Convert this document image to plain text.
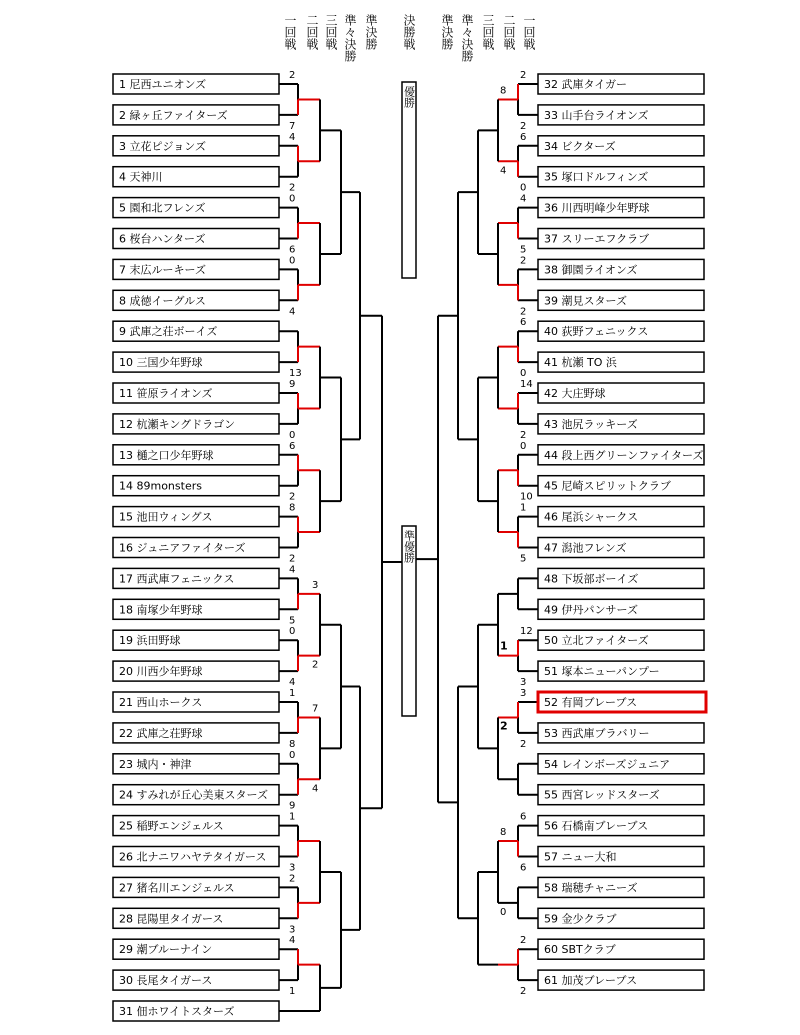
一回戦 二回戦 三回戦 準々決勝 準決勝 決勝戦 準決勝 準々決勝 三回戦 二回戦 一回戦
1 尼西ユニオンズ
2 緑ヶ丘ファイターズ
3 立花ピジョンズ
4 天神川
5 園和北フレンズ
6 桜台ハンターズ
7 末広ルーキーズ
8 成徳イーグルス
9 武庫之荘ボーイズ
10 三国少年野球
11 笹原ライオンズ
12 杭瀬キングドラゴン
13 樋之口少年野球
14 89monsters
15 池田ウィングス
16 ジュニアファイターズ
17 西武庫フェニックス
18 南塚少年野球
19 浜田野球
20 川西少年野球
21 西山ホークス
22 武庫之荘野球
23 城内・神津
24 すみれが丘心美東スターズ
25 稲野エンジェルス
26 北ナニワハヤテタイガース
27 猪名川エンジェルス
28 昆陽里タイガース
29 潮ブルーナイン
30 長尾タイガース
31 佃ホワイトスターズ
32 武庫タイガー
33 山手台ライオンズ
34 ビクターズ
35 塚口ドルフィンズ
36 川西明峰少年野球
37 スリーエフクラブ
38 御園ライオンズ
39 潮見スターズ
40 荻野フェニックス
41 杭瀬 TO 浜
42 大庄野球
43 池尻ラッキーズ
44 段上西グリーンファイターズ
45 尼崎スピリットクラブ
46 尾浜シャークス
47 潟池フレンズ
48 下坂部ボーイズ
49 伊丹パンサーズ
50 立北ファイターズ
51 塚本ニューパンプー
52 有岡ブレーブス
53 西武庫ブラバリー
54 レインボーズジュニア
55 西宮レッドスターズ
56 石橋南ブレーブス
57 ニュー大和
58 瑞穂チャニーズ
59 金少クラブ
60 SBTクラブ
61 加茂ブレーブス
2
7
4
2
0
6
0
4
13
9
0
6
2
8
2
4
5
0
4
1
8
0
9
1
3
2
3
4
1
3
2
7
4
2
2
6
0
4
5
2
2
6
0
14
2
0
10
1
5
12
3
3
2
6
6
2
2
8
4
1
2
8
0
優勝
準優勝
